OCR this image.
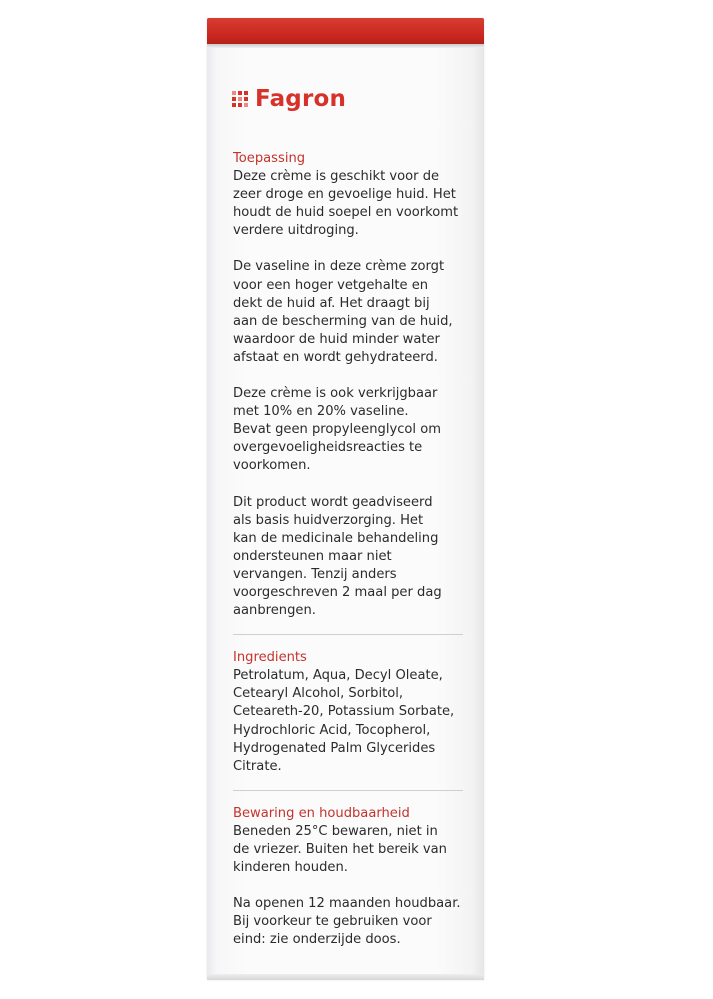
Fagron
Toepassing
Deze crème is geschikt voor de
zeer droge en gevoelige huid. Het
houdt de huid soepel en voorkomt
verdere uitdroging.
De vaseline in deze crème zorgt
voor een hoger vetgehalte en
dekt de huid af. Het draagt bij
aan de bescherming van de huid,
waardoor de huid minder water
afstaat en wordt gehydrateerd.
Deze crème is ook verkrijgbaar
met 10% en 20% vaseline.
Bevat geen propyleenglycol om
overgevoeligheidsreacties te
voorkomen.
Dit product wordt geadviseerd
als basis huidverzorging. Het
kan de medicinale behandeling
ondersteunen maar niet
vervangen. Tenzij anders
voorgeschreven 2 maal per dag
aanbrengen.
Ingredients
Petrolatum, Aqua, Decyl Oleate,
Cetearyl Alcohol, Sorbitol,
Ceteareth-20, Potassium Sorbate,
Hydrochloric Acid, Tocopherol,
Hydrogenated Palm Glycerides
Citrate.
Bewaring en houdbaarheid
Beneden 25°C bewaren, niet in
de vriezer. Buiten het bereik van
kinderen houden.
Na openen 12 maanden houdbaar.
Bij voorkeur te gebruiken voor
eind: zie onderzijde doos.
